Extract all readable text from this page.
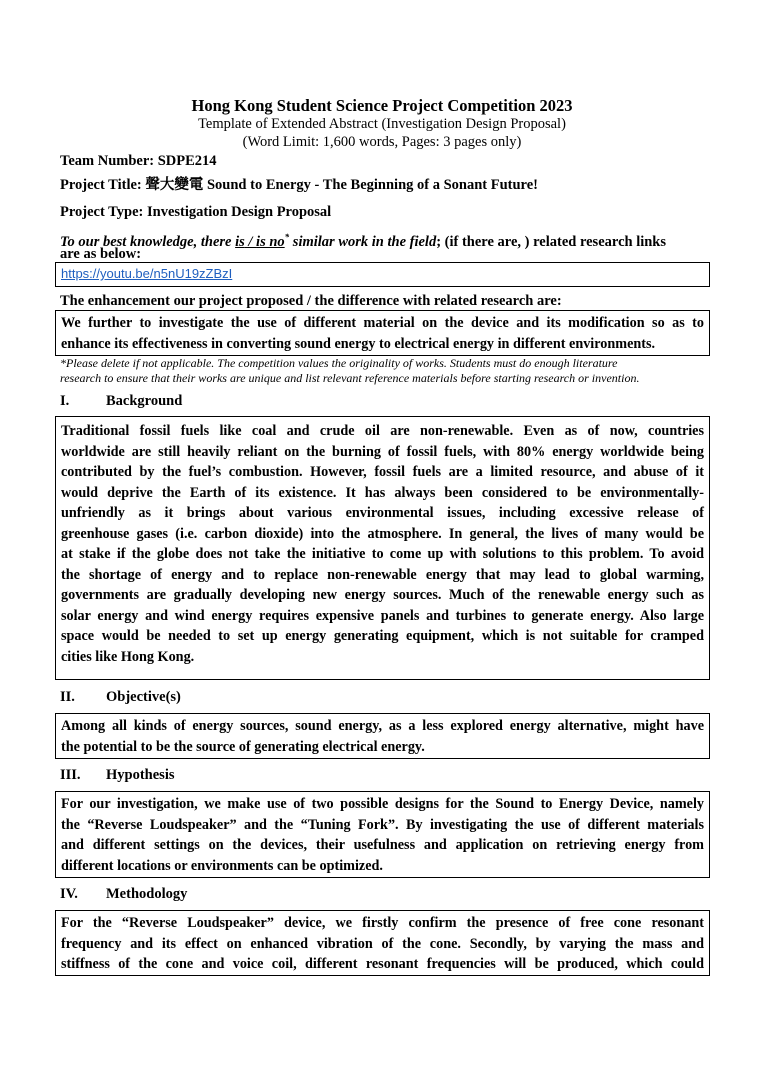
Hong Kong Student Science Project Competition 2023
Template of Extended Abstract (Investigation Design Proposal)
(Word Limit: 1,600 words, Pages: 3 pages only)
Team Number: SDPE214
Project Title: 聲大變電 Sound to Energy - The Beginning of a Sonant Future!
Project Type: Investigation Design Proposal
To our best knowledge, there is / is no* similar work in the field; (if there are, ) related research links
are as below:
https://youtu.be/n5nU19zZBzI
The enhancement our project proposed / the difference with related research are:
We further to investigate the use of different material on the device and its modification so as to
enhance its effectiveness in converting sound energy to electrical energy in different environments.
*Please delete if not applicable. The competition values the originality of works. Students must do enough literature
research to ensure that their works are unique and list relevant reference materials before starting research or invention.
I.	Background
Traditional fossil fuels like coal and crude oil are non-renewable. Even as of now, countries
worldwide are still heavily reliant on the burning of fossil fuels, with 80% energy worldwide being
contributed by the fuel’s combustion. However, fossil fuels are a limited resource, and abuse of it
would deprive the Earth of its existence. It has always been considered to be environmentally-
unfriendly as it brings about various environmental issues, including excessive release of
greenhouse gases (i.e. carbon dioxide) into the atmosphere. In general, the lives of many would be
at stake if the globe does not take the initiative to come up with solutions to this problem. To avoid
the shortage of energy and to replace non-renewable energy that may lead to global warming,
governments are gradually developing new energy sources. Much of the renewable energy such as
solar energy and wind energy requires expensive panels and turbines to generate energy. Also large
space would be needed to set up energy generating equipment, which is not suitable for cramped
cities like Hong Kong.
II. Objective(s)
Among all kinds of energy sources, sound energy, as a less explored energy alternative, might have
the potential to be the source of generating electrical energy.
III. Hypothesis
For our investigation, we make use of two possible designs for the Sound to Energy Device, namely
the “Reverse Loudspeaker” and the “Tuning Fork”. By investigating the use of different materials
and different settings on the devices, their usefulness and application on retrieving energy from
different locations or environments can be optimized.
IV. Methodology
For the “Reverse Loudspeaker” device, we firstly confirm the presence of free cone resonant
frequency and its effect on enhanced vibration of the cone. Secondly, by varying the mass and
stiffness of the cone and voice coil, different resonant frequencies will be produced, which could
